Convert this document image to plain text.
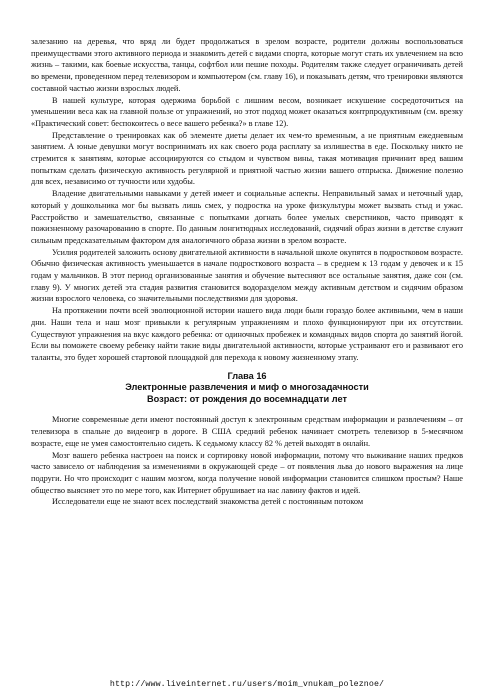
залезанию на деревья, что вряд ли будет продолжаться в зрелом возрасте, родители должны воспользоваться преимуществами этого активного периода и знакомить детей с видами спорта, которые могут стать их увлечением на всю жизнь – такими, как боевые искусства, танцы, софтбол или пешие походы. Родителям также следует ограничивать детей во времени, проведенном перед телевизором и компьютером (см. главу 16), и показывать детям, что тренировки являются составной частью жизни взрослых людей.

В нашей культуре, которая одержима борьбой с лишним весом, возникает искушение сосредоточиться на уменьшении веса как на главной пользе от упражнений, но этот подход может оказаться контрпродуктивным (см. врезку «Практический совет: беспокоитесь о весе вашего ребенка?» в главе 12).

Представление о тренировках как об элементе диеты делает их чем-то временным, а не приятным ежедневным занятием. А юные девушки могут воспринимать их как своего рода расплату за излишества в еде. Поскольку никто не стремится к занятиям, которые ассоциируются со стыдом и чувством вины, такая мотивация причинит вред вашим попыткам сделать физическую активность регулярной и приятной частью жизни вашего отпрыска. Движение полезно для всех, независимо от тучности или худобы.

Владение двигательными навыками у детей имеет и социальные аспекты. Неправильный замах и неточный удар, который у дошкольника мог бы вызвать лишь смех, у подростка на уроке физкультуры может вызвать стыд и ужас. Расстройство и замешательство, связанные с попытками догнать более умелых сверстников, часто приводят к пожизненному разочарованию в спорте. По данным лонгитюдных исследований, сидячий образ жизни в детстве служит сильным предсказательным фактором для аналогичного образа жизни в зрелом возрасте.

Усилия родителей заложить основу двигательной активности в начальной школе окупятся в подростковом возрасте. Обычно физическая активность уменьшается в начале подросткового возраста – в среднем к 13 годам у девочек и к 15 годам у мальчиков. В этот период организованные занятия и обучение вытесняют все остальные занятия, даже сон (см. главу 9). У многих детей эта стадия развития становится водоразделом между активным детством и сидячим образом жизни взрослого человека, со значительными последствиями для здоровья.

На протяжении почти всей эволюционной истории нашего вида люди были гораздо более активными, чем в наши дни. Наши тела и наш мозг привыкли к регулярным упражнениям и плохо функционируют при их отсутствии. Существуют упражнения на вкус каждого ребенка: от одиночных пробежек и командных видов спорта до занятий йогой. Если вы поможете своему ребенку найти такие виды двигательной активности, которые устраивают его и развивают его таланты, это будет хорошей стартовой площадкой для перехода к новому жизненному этапу.

Глава 16
Электронные развлечения и миф о многозадачности
Возраст: от рождения до восемнадцати лет

Многие современные дети имеют постоянный доступ к электронным средствам информации и развлечениям – от телевизора в спальне до видеоигр в дороге. В США средний ребенок начинает смотреть телевизор в 5-месячном возрасте, еще не умея самостоятельно сидеть. К седьмому классу 82 % детей выходят в онлайн.

Мозг вашего ребенка настроен на поиск и сортировку новой информации, потому что выживание наших предков часто зависело от наблюдения за изменениями в окружающей среде – от появления льва до нового выражения на лице подруги. Но что происходит с нашим мозгом, когда получение новой информации становится слишком простым? Наше общество выясняет это по мере того, как Интернет обрушивает на нас лавину фактов и идей.

Исследователи еще не знают всех последствий знакомства детей с постоянным потоком

http://www.liveinternet.ru/users/moim_vnukam_poleznoe/
